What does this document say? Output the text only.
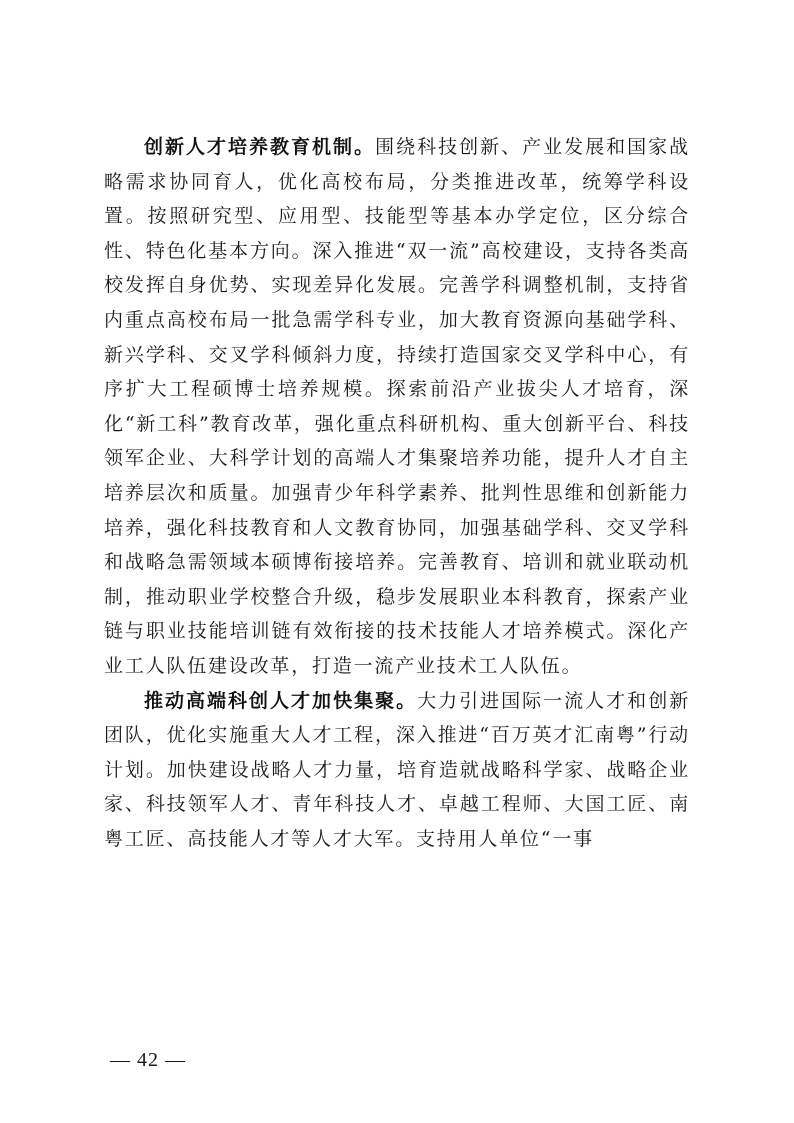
创新人才培养教育机制。围绕科技创新、产业发展和国家战略需求协同育人，优化高校布局，分类推进改革，统筹学科设置。按照研究型、应用型、技能型等基本办学定位，区分综合性、特色化基本方向。深入推进“双一流”高校建设，支持各类高校发挥自身优势、实现差异化发展。完善学科调整机制，支持省内重点高校布局一批急需学科专业，加大教育资源向基础学科、新兴学科、交叉学科倾斜力度，持续打造国家交叉学科中心，有序扩大工程硕博士培养规模。探索前沿产业拔尖人才培育，深化“新工科”教育改革，强化重点科研机构、重大创新平台、科技领军企业、大科学计划的高端人才集聚培养功能，提升人才自主培养层次和质量。加强青少年科学素养、批判性思维和创新能力培养，强化科技教育和人文教育协同，加强基础学科、交叉学科和战略急需领域本硕博衔接培养。完善教育、培训和就业联动机制，推动职业学校整合升级，稳步发展职业本科教育，探索产业链与职业技能培训链有效衔接的技术技能人才培养模式。深化产业工人队伍建设改革，打造一流产业技术工人队伍。

推动高端科创人才加快集聚。大力引进国际一流人才和创新团队，优化实施重大人才工程，深入推进“百万英才汇南粤”行动计划。加快建设战略人才力量，培育造就战略科学家、战略企业家、科技领军人才、青年科技人才、卓越工程师、大国工匠、南粤工匠、高技能人才等人才大军。支持用人单位“一事

— 42 —
